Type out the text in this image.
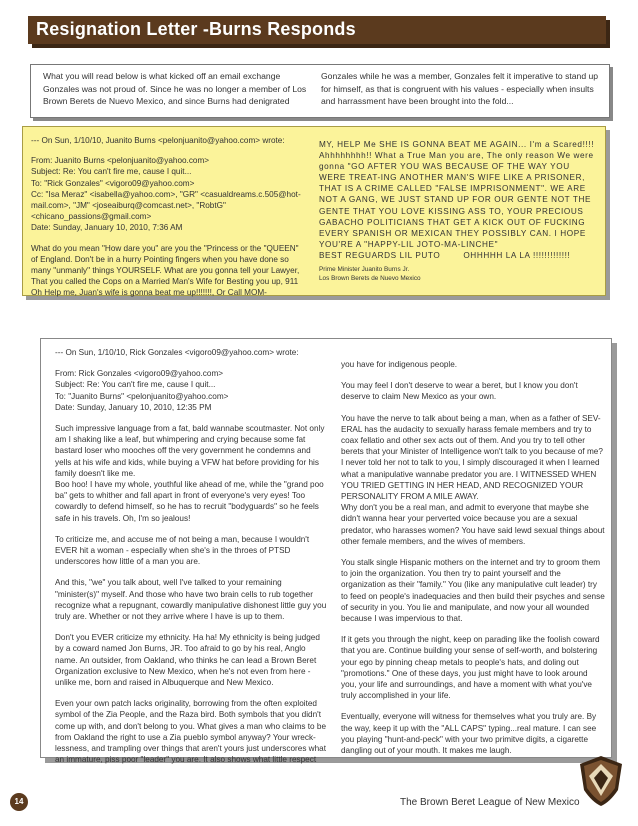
Resignation Letter -Burns Responds
What you will read below is what kicked off an email exchange Gonzales was not proud of. Since he was no longer a member of Los Brown Berets de Nuevo Mexico, and since Burns had denigrated
Gonzales while he was a member, Gonzales felt it imperative to stand up for himself, as that is congruent with his values - especially when insults and harrassment have been brought into the fold...

--- On Sun, 1/10/10, Juanito Burns <pelonjuanito@yahoo.com> wrote:

From: Juanito Burns <pelonjuanito@yahoo.com>
Subject: Re: You can't fire me, cause I quit...
To: "Rick Gonzales" <vigoro09@yahoo.com>
Cc: "Isa Meraz" <isabella@yahoo.com>, "GR" <casualdreams.c.505@hot-mail.com>, "JM" <joseaiburq@comcast.net>, "RobtG" <chicano_passions@gmail.com>

Date: Sunday, January 10, 2010, 7:36 AM

What do you mean "How dare you" are you the "Princess or the "QUEEN" of England. Don't be in a hurry Pointing fingers when you have done so many "unmanly" things YOURSELF. What are you gonna tell your Lawyer, That you called the Cops on a Married Man's Wife for Besting you up, 911 Oh Help me, Juan's wife is gonna beat me up!!!!!!!, Or Call MOM-
MY, HELP Me SHE IS GONNA BEAT ME AGAIN... I'm a Scared!!!! Ahhhhhhhh!! What a True Man you are, The only reason We were gonna "GO AFTER YOU WAS BECAUSE OF THE WAY YOU WERE TREAT-ING ANOTHER MAN'S WIFE LIKE A PRISONER, THAT IS A CRIME CALLED "FALSE IMPRISONMENT". WE ARE NOT A GANG, WE JUST STAND UP FOR OUR GENTE NOT THE GENTE THAT YOU LOVE KISSING ASS TO, YOUR PRECIOUS GABACHO POLITICIANS THAT GET A KICK OUT OF FUCKING EVERY SPANISH OR MEXICAN THEY POSSIBLY CAN. I HOPE YOU'RE A "HAPPY-LIL JOTO-MA-LINCHE"
BEST REGUARDS LIL PUTO        OHHHHH LA LA !!!!!!!!!!!!!
Prime Minister Juanito Burns Jr.
Los Brown Berets de Nuevo Mexico

--- On Sun, 1/10/10, Rick Gonzales <vigoro09@yahoo.com> wrote:

From: Rick Gonzales <vigoro09@yahoo.com>
Subject: Re: You can't fire me, cause I quit...
To: "Juanito Burns" <pelonjuanito@yahoo.com>

Date: Sunday, January 10, 2010, 12:35 PM

Such impressive language from a fat, bald wannabe scoutmaster. Not only am I shaking like a leaf, but whimpering and crying because some fat bastard loser who mooches off the very government he condemns and yells at his wife and kids, while buying a VFW hat before providing for his family doesn't like me.
Boo hoo! I have my whole, youthful like ahead of me, while the "grand poo ba" gets to whither and fall apart in front of everyone's very eyes! Too cowardly to defend himself, so he has to recruit "bodyguards" so he feels safe in his travels. Oh, I'm so jealous!

To criticize me, and accuse me of not being a man, because I wouldn't EVER hit a woman - especially when she's in the throes of PTSD underscores how little of a man you are.

And this, "we" you talk about, well I've talked to your remaining "minister(s)" myself. And those who have two brain cells to rub together recognize what a repugnant, cowardly manipulative dishonest little guy you truly are. Whether or not they arrive where I have is up to them.

Don't you EVER criticize my ethnicity. Ha ha! My ethnicity is being judged by a coward named Jon Burns, JR. Too afraid to go by his real, Anglo name. An outsider, from Oakland, who thinks he can lead a Brown Beret Organization exclusive to New Mexico, when he's not even from here - unlike me, born and raised in Albuquerque and New Mexico.

Even your own patch lacks originality, borrowing from the often exploited symbol of the Zia People, and the Raza bird. Both symbols that you didn't come up with, and don't belong to you. What gives a man who claims to be from Oakland the right to use a Zia pueblo symbol anyway? Your wreck-lessness, and trampling over things that aren't yours just underscores what an immature, piss poor "leader" you are. It also shows what little respect

you have for indigenous people.

You may feel I don't deserve to wear a beret, but I know you don't deserve to claim New Mexico as your own.

You have the nerve to talk about being a man, when as a father of SEV-ERAL has the audacity to sexually harass female members and try to coax fellatio and other sex acts out of them. And you try to tell other berets that your Minister of Intelligence won't talk to you because of me? I never told her not to talk to you, I simply discouraged it when I learned what a manipulative wannabe predator you are. I WITNESSED WHEN YOU TRIED GETTING IN HER HEAD, AND RECOGNIZED YOUR PERSONALITY FROM A MILE AWAY.
Why don't you be a real man, and admit to everyone that maybe she didn't wanna hear your perverted voice because you are a sexual predator, who harasses women? You have said lewd sexual things about other female members, and the wives of members.

You stalk single Hispanic mothers on the internet and try to groom them to join the organization. You then try to paint yourself and the organization as their "family." You (like any manipulative cult leader) try to feed on people's inadequacies and then build their psyches and sense of security in you. You lie and manipulate, and now your all wounded because I was impervious to that.

If it gets you through the night, keep on parading like the foolish coward that you are. Continue building your sense of self-worth, and bolstering your ego by pinning cheap metals to people's hats, and doling out "promotions." One of these days, you just might have to look around you, your life and surroundings, and have a moment with what you've truly accomplished in your life.

Eventually, everyone will witness for themselves what you truly are. By the way, keep it up with the "ALL CAPS" typing...real mature. I can see you playing "hunt-and-peck" with your two primitve digits, a cigarette dangling out of your mouth. It makes me laugh.

14	The Brown Beret League of New Mexico
